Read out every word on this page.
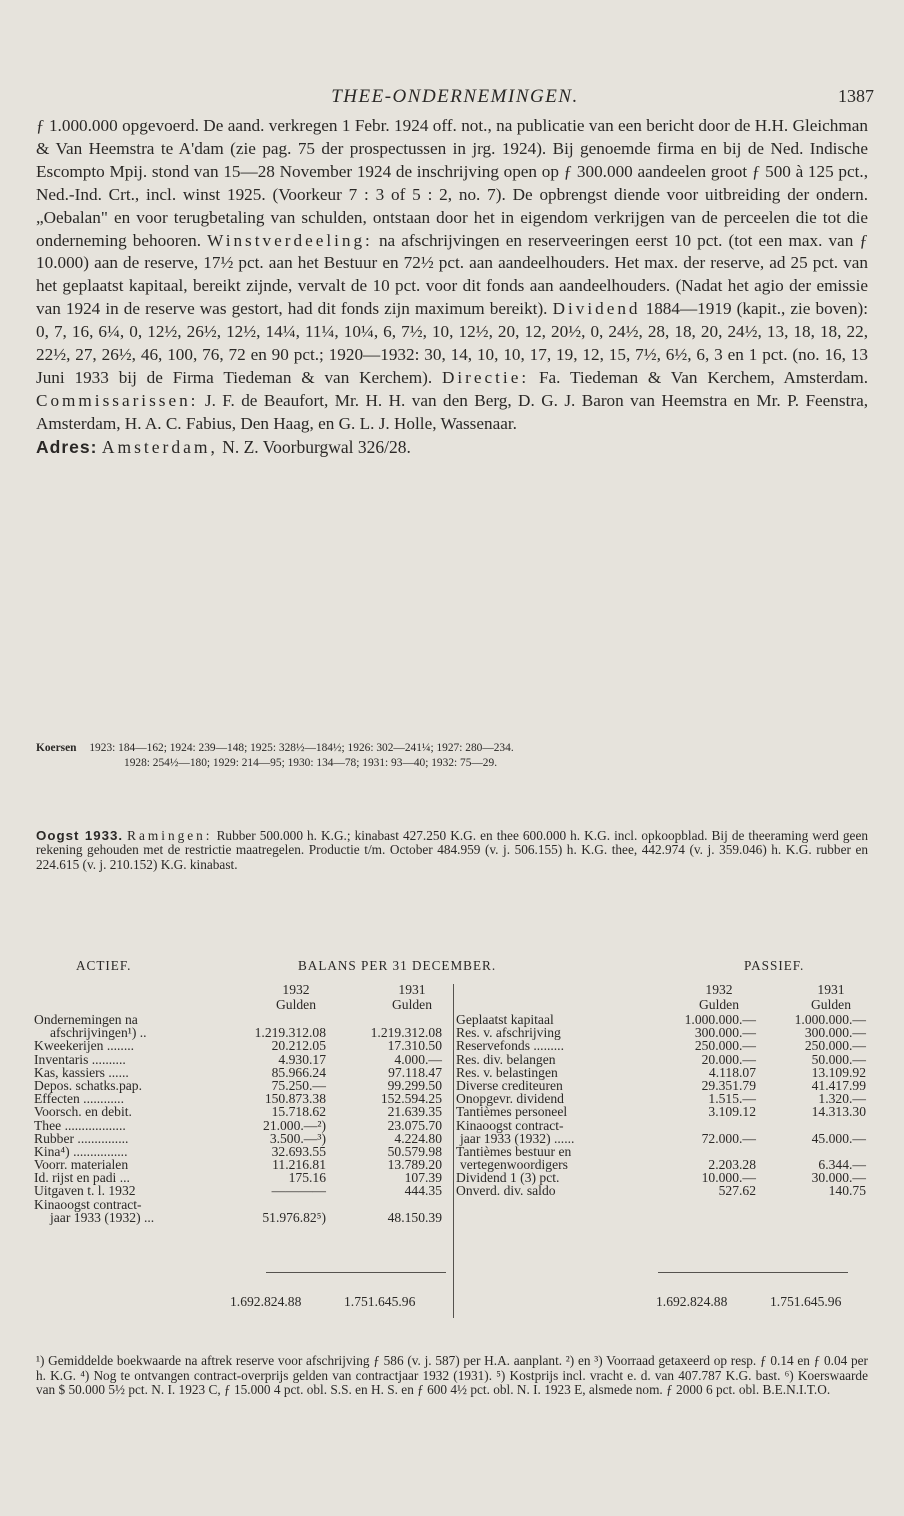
THEE-ONDERNEMINGEN.	1387

ƒ 1.000.000 opgevoerd. De aand. verkregen 1 Febr. 1924 off. not., na publicatie van een bericht door de H.H. Gleichman & Van Heemstra te A'dam (zie pag. 75 der prospectussen in jrg. 1924). Bij genoemde firma en bij de Ned. Indische Escompto Mpij. stond van 15—28 November 1924 de inschrijving open op ƒ 300.000 aandeelen groot ƒ 500 à 125 pct., Ned.-Ind. Crt., incl. winst 1925. (Voorkeur 7 : 3 of 5 : 2, no. 7). De opbrengst diende voor uitbreiding der ondern. „Oebalan" en voor terugbetaling van schulden, ontstaan door het in eigendom verkrijgen van de perceelen die tot die onderneming behooren. Winstverdeeling: na afschrijvingen en reserveeringen eerst 10 pct. (tot een max. van ƒ 10.000) aan de reserve, 17½ pct. aan het Bestuur en 72½ pct. aan aandeelhouders. Het max. der reserve, ad 25 pct. van het geplaatst kapitaal, bereikt zijnde, vervalt de 10 pct. voor dit fonds aan aandeelhouders. (Nadat het agio der emissie van 1924 in de reserve was gestort, had dit fonds zijn maximum bereikt). Dividend 1884—1919 (kapit., zie boven): 0, 7, 16, 6¼, 0, 12½, 26½, 12½, 14¼, 11¼, 10¼, 6, 7½, 10, 12½, 20, 12, 20½, 0, 24½, 28, 18, 20, 24½, 13, 18, 18, 22, 22½, 27, 26½, 46, 100, 76, 72 en 90 pct.; 1920—1932: 30, 14, 10, 10, 17, 19, 12, 15, 7½, 6½, 6, 3 en 1 pct. (no. 16, 13 Juni 1933 bij de Firma Tiedeman & van Kerchem). Directie: Fa. Tiedeman & Van Kerchem, Amsterdam. Commissarissen: J. F. de Beaufort, Mr. H. H. van den Berg, D. G. J. Baron van Heemstra en Mr. P. Feenstra, Amsterdam, H. A. C. Fabius, Den Haag, en G. L. J. Holle, Wassenaar.

Adres: Amsterdam, N. Z. Voorburgwal 326/28.

Koersen 1923: 184—162; 1924: 239—148; 1925: 328½—184½; 1926: 302—241¼; 1927: 280—234.
1928: 254½—180; 1929: 214—95; 1930: 134—78; 1931: 93—40; 1932: 75—29.
Oogst 1933. Ramingen: Rubber 500.000 h. K.G.; kinabast 427.250 K.G. en thee 600.000 h. K.G. incl. opkoopblad. Bij de theeraming werd geen rekening gehouden met de restrictie maatregelen. Productie t/m. October 484.959 (v. j. 506.155) h. K.G. thee, 442.974 (v. j. 359.046) h. K.G. rubber en 224.615 (v. j. 210.152) K.G. kinabast.
ACTIEF.	BALANS PER 31 DECEMBER.	PASSIEF.
1932
Gulden
1931
Gulden
Ondernemingen na
afschrijvingen¹) ..	1.219.312.08	1.219.312.08
Kweekerijen ........	20.212.05	17.310.50
Inventaris ..........	4.930.17	4.000.—
Kas, kassiers ......	85.966.24	97.118.47
Depos. schatks.pap.	75.250.—	99.299.50
Effecten ............	150.873.38	152.594.25
Voorsch. en debit.	15.718.62	21.639.35
Thee ..................	21.000.—²)	23.075.70
Rubber ...............	3.500.—³)	4.224.80
Kina⁴) ................	32.693.55	50.579.98
Voorr. materialen	11.216.81	13.789.20
Id. rijst en padi ...	175.16	107.39
Uitgaven t. l. 1932	————	444.35
Kinaoogst contract-
jaar 1933 (1932) ...	51.976.82⁵)	48.150.39
1932
Gulden
1931
Gulden
Geplaatst kapitaal	1.000.000.—	1.000.000.—
Res. v. afschrijving	300.000.—	300.000.—
Reservefonds .........	250.000.—	250.000.—
Res. div. belangen	20.000.—	50.000.—
Res. v. belastingen	4.118.07	13.109.92
Diverse crediteuren	29.351.79	41.417.99
Onopgevr. dividend	1.515.—	1.320.—
Tantièmes personeel	3.109.12	14.313.30
Kinaoogst contract-
jaar 1933 (1932) ......	72.000.—	45.000.—
Tantièmes bestuur en
vertegenwoordigers	2.203.28	6.344.—
Dividend 1 (3) pct.	10.000.—	30.000.—
Onverd. div. saldo	527.62	140.75
1.692.824.88	1.751.645.96	1.692.824.88	1.751.645.96

¹) Gemiddelde boekwaarde na aftrek reserve voor afschrijving ƒ 586 (v. j. 587) per H.A. aanplant. ²) en ³) Voorraad getaxeerd op resp. ƒ 0.14 en ƒ 0.04 per h. K.G. ⁴) Nog te ontvangen contract-overprijs gelden van contractjaar 1932 (1931). ⁵) Kostprijs incl. vracht e. d. van 407.787 K.G. bast. ⁶) Koerswaarde van $ 50.000 5½ pct. N. I. 1923 C, ƒ 15.000 4 pct. obl. S.S. en H. S. en ƒ 600 4½ pct. obl. N. I. 1923 E, alsmede nom. ƒ 2000 6 pct. obl. B.E.N.I.T.O.
